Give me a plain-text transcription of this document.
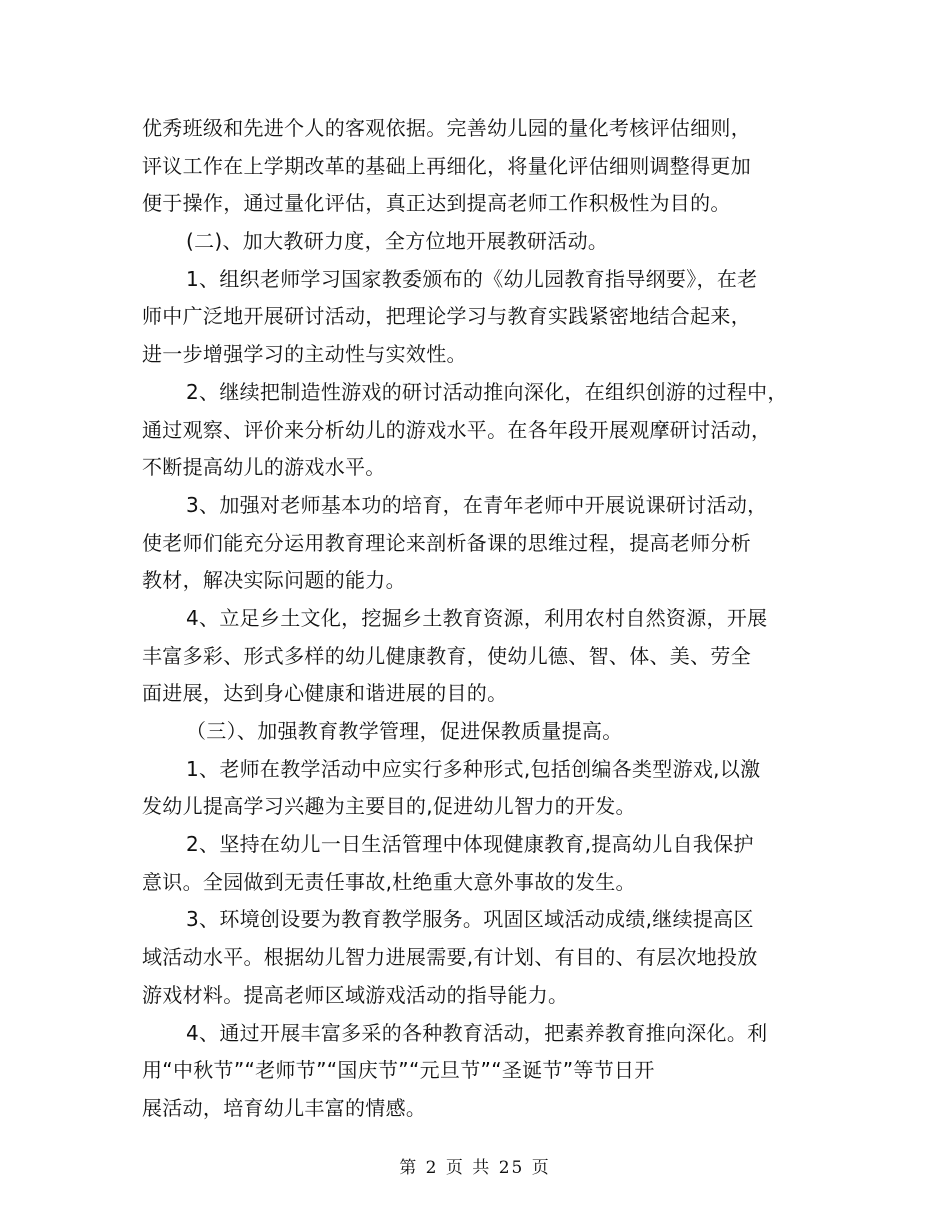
优秀班级和先进个人的客观依据。完善幼儿园的量化考核评估细则，
评议工作在上学期改革的基础上再细化，将量化评估细则调整得更加
便于操作，通过量化评估，真正达到提高老师工作积极性为目的。
(二)、加大教研力度，全方位地开展教研活动。
1、组织老师学习国家教委颁布的《幼儿园教育指导纲要》，在老
师中广泛地开展研讨活动，把理论学习与教育实践紧密地结合起来，
进一步增强学习的主动性与实效性。
2、继续把制造性游戏的研讨活动推向深化，在组织创游的过程中，
通过观察、评价来分析幼儿的游戏水平。在各年段开展观摩研讨活动，
不断提高幼儿的游戏水平。
3、加强对老师基本功的培育，在青年老师中开展说课研讨活动，
使老师们能充分运用教育理论来剖析备课的思维过程，提高老师分析
教材，解决实际问题的能力。
4、立足乡土文化，挖掘乡土教育资源，利用农村自然资源，开展
丰富多彩、形式多样的幼儿健康教育，使幼儿德、智、体、美、劳全
面进展，达到身心健康和谐进展的目的。
（三）、加强教育教学管理，促进保教质量提高。
1、老师在教学活动中应实行多种形式,包括创编各类型游戏,以激
发幼儿提高学习兴趣为主要目的,促进幼儿智力的开发。
2、坚持在幼儿一日生活管理中体现健康教育,提高幼儿自我保护
意识。全园做到无责任事故,杜绝重大意外事故的发生。
3、环境创设要为教育教学服务。巩固区域活动成绩,继续提高区
域活动水平。根据幼儿智力进展需要,有计划、有目的、有层次地投放
游戏材料。提高老师区域游戏活动的指导能力。
4、通过开展丰富多采的各种教育活动，把素养教育推向深化。利
用“中秋节”“老师节”“国庆节”“元旦节”“圣诞节”等节日开
展活动，培育幼儿丰富的情感。
第 2 页 共 25 页
